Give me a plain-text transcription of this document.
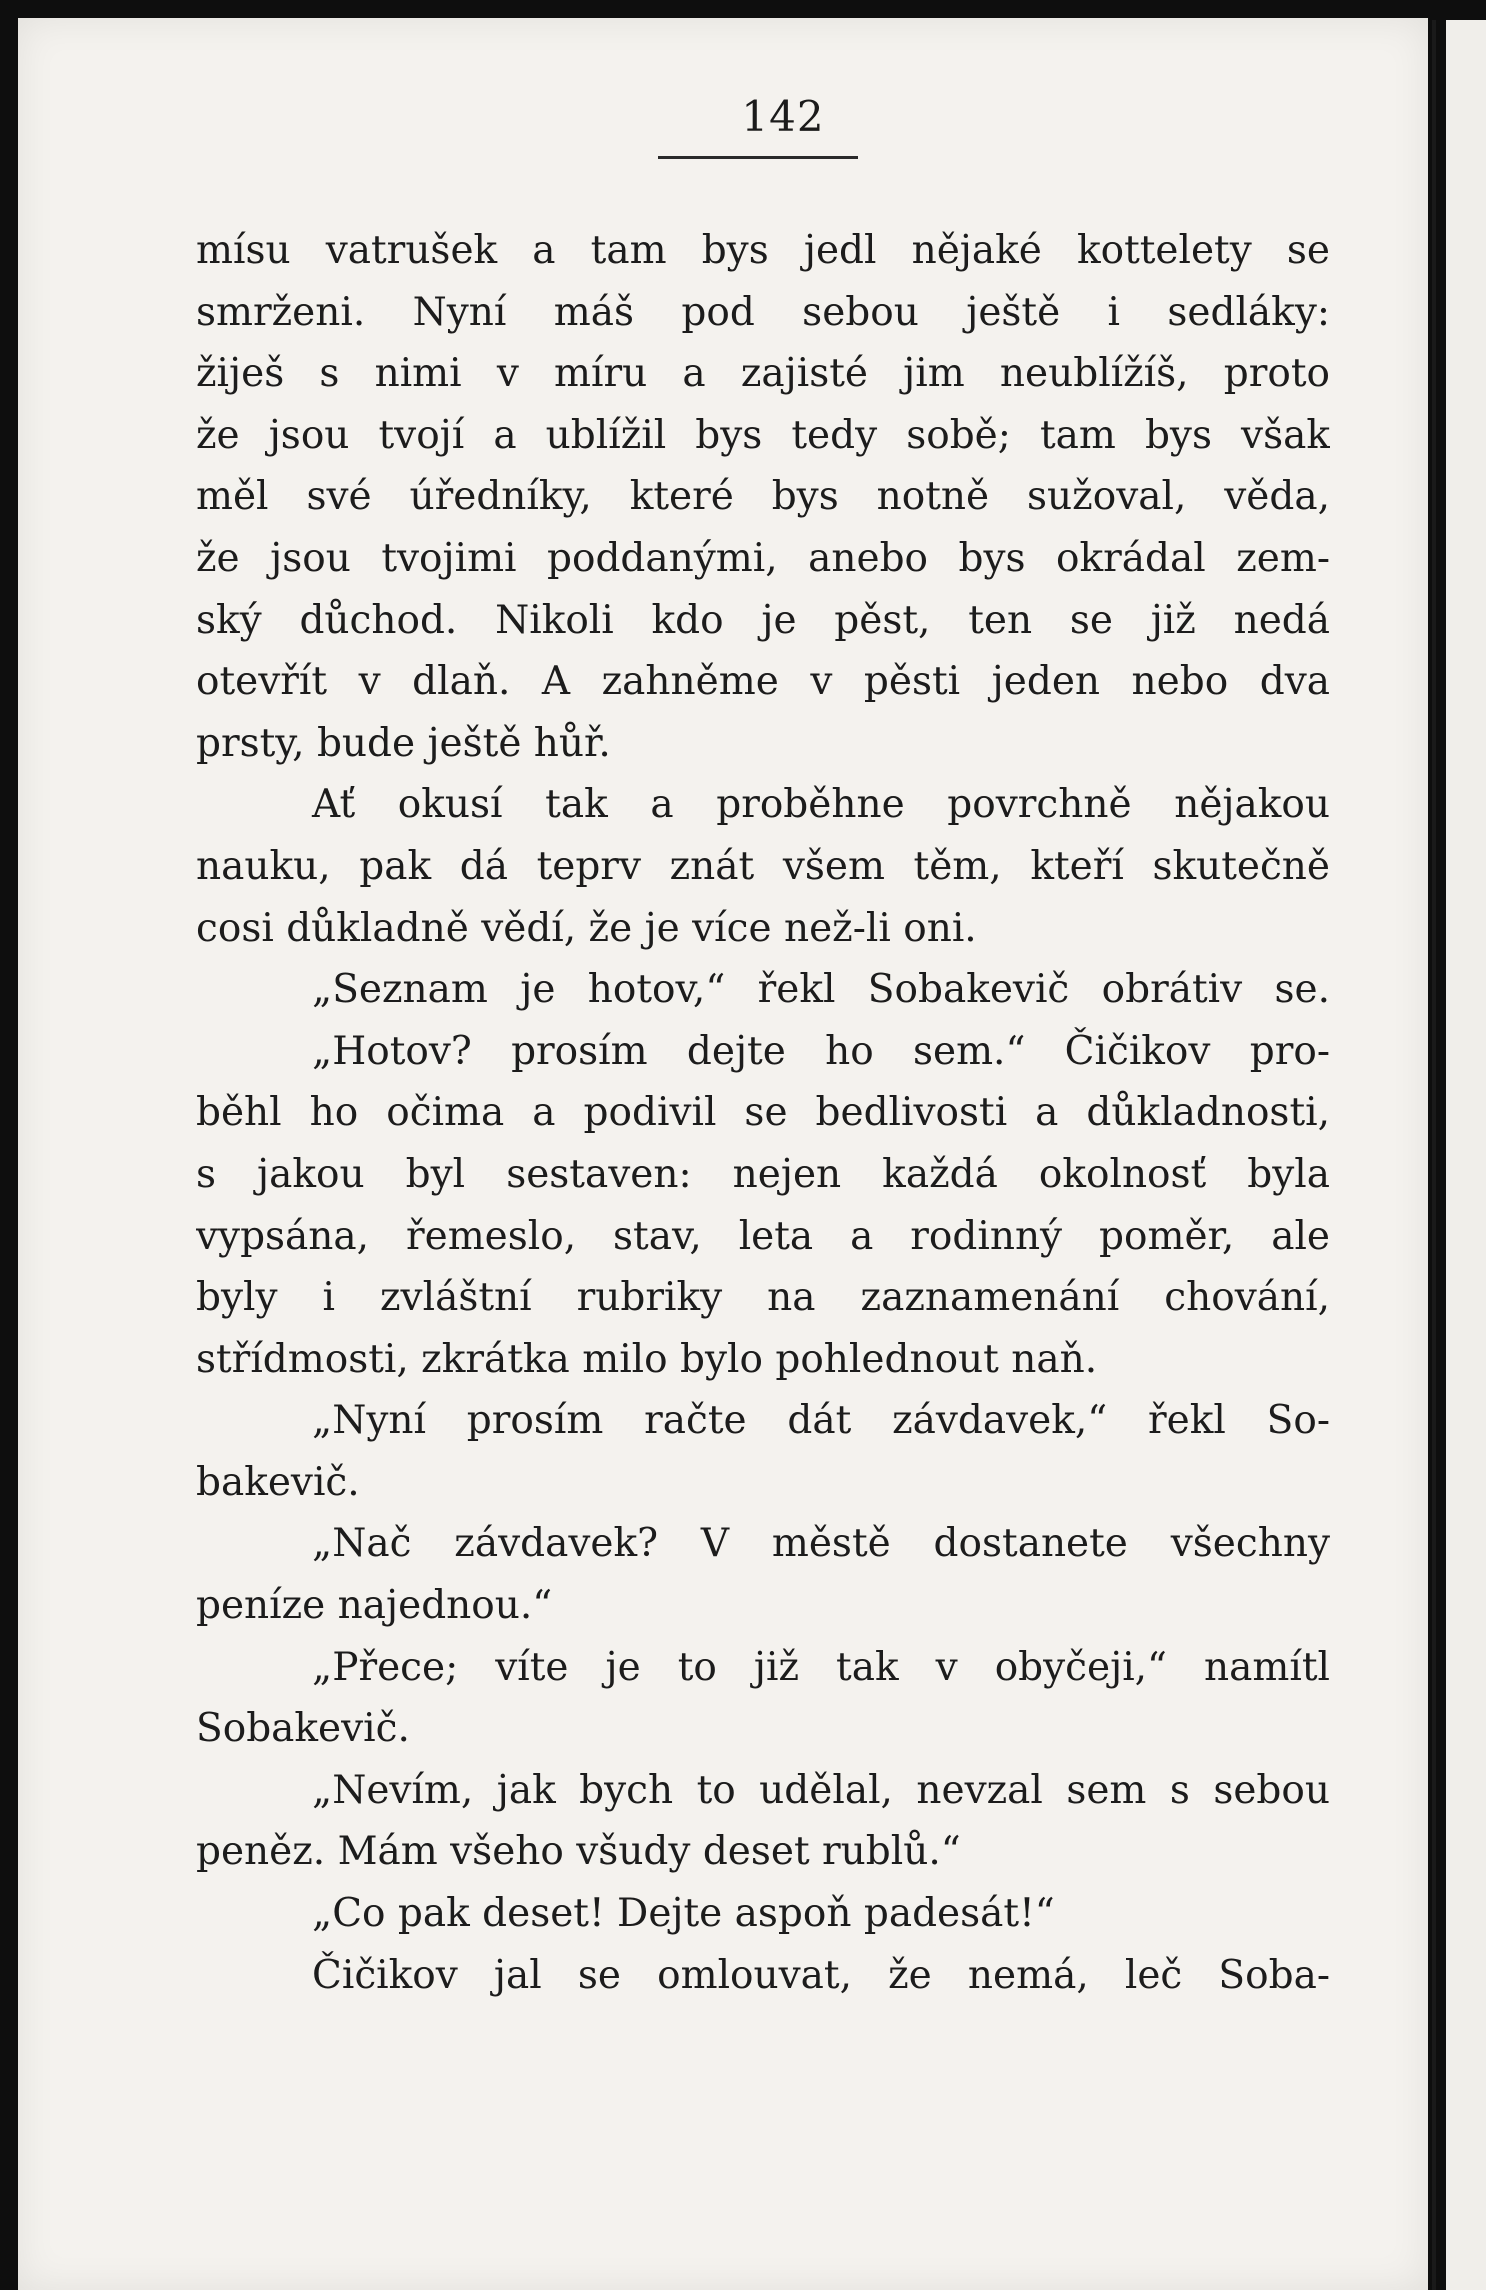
142
mísu vatrušek a tam bys jedl nějaké kottelety se
smrženi. Nyní máš pod sebou ještě i sedláky:
žiješ s nimi v míru a zajisté jim neublížíš, proto
že jsou tvojí a ublížil bys tedy sobě; tam bys však
měl své úředníky, které bys notně sužoval, věda,
že jsou tvojimi poddanými, anebo bys okrádal zem-
ský důchod. Nikoli kdo je pěst, ten se již nedá
otevřít v dlaň. A zahněme v pěsti jeden nebo dva
prsty, bude ještě hůř.
Ať okusí tak a proběhne povrchně nějakou
nauku, pak dá teprv znát všem těm, kteří skutečně
cosi důkladně vědí, že je více než-li oni.
„Seznam je hotov,“ řekl Sobakevič obrátiv se.
„Hotov? prosím dejte ho sem.“ Čičikov pro-
běhl ho očima a podivil se bedlivosti a důkladnosti,
s jakou byl sestaven: nejen každá okolnosť byla
vypsána, řemeslo, stav, leta a rodinný poměr, ale
byly i zvláštní rubriky na zaznamenání chování,
střídmosti, zkrátka milo bylo pohlednout naň.
„Nyní prosím račte dát závdavek,“ řekl So-
bakevič.
„Nač závdavek? V městě dostanete všechny
peníze najednou.“
„Přece; víte je to již tak v obyčeji,“ namítl
Sobakevič.
„Nevím, jak bych to udělal, nevzal sem s sebou
peněz. Mám všeho všudy deset rublů.“
„Co pak deset! Dejte aspoň padesát!“
Čičikov jal se omlouvat, že nemá, leč Soba-
